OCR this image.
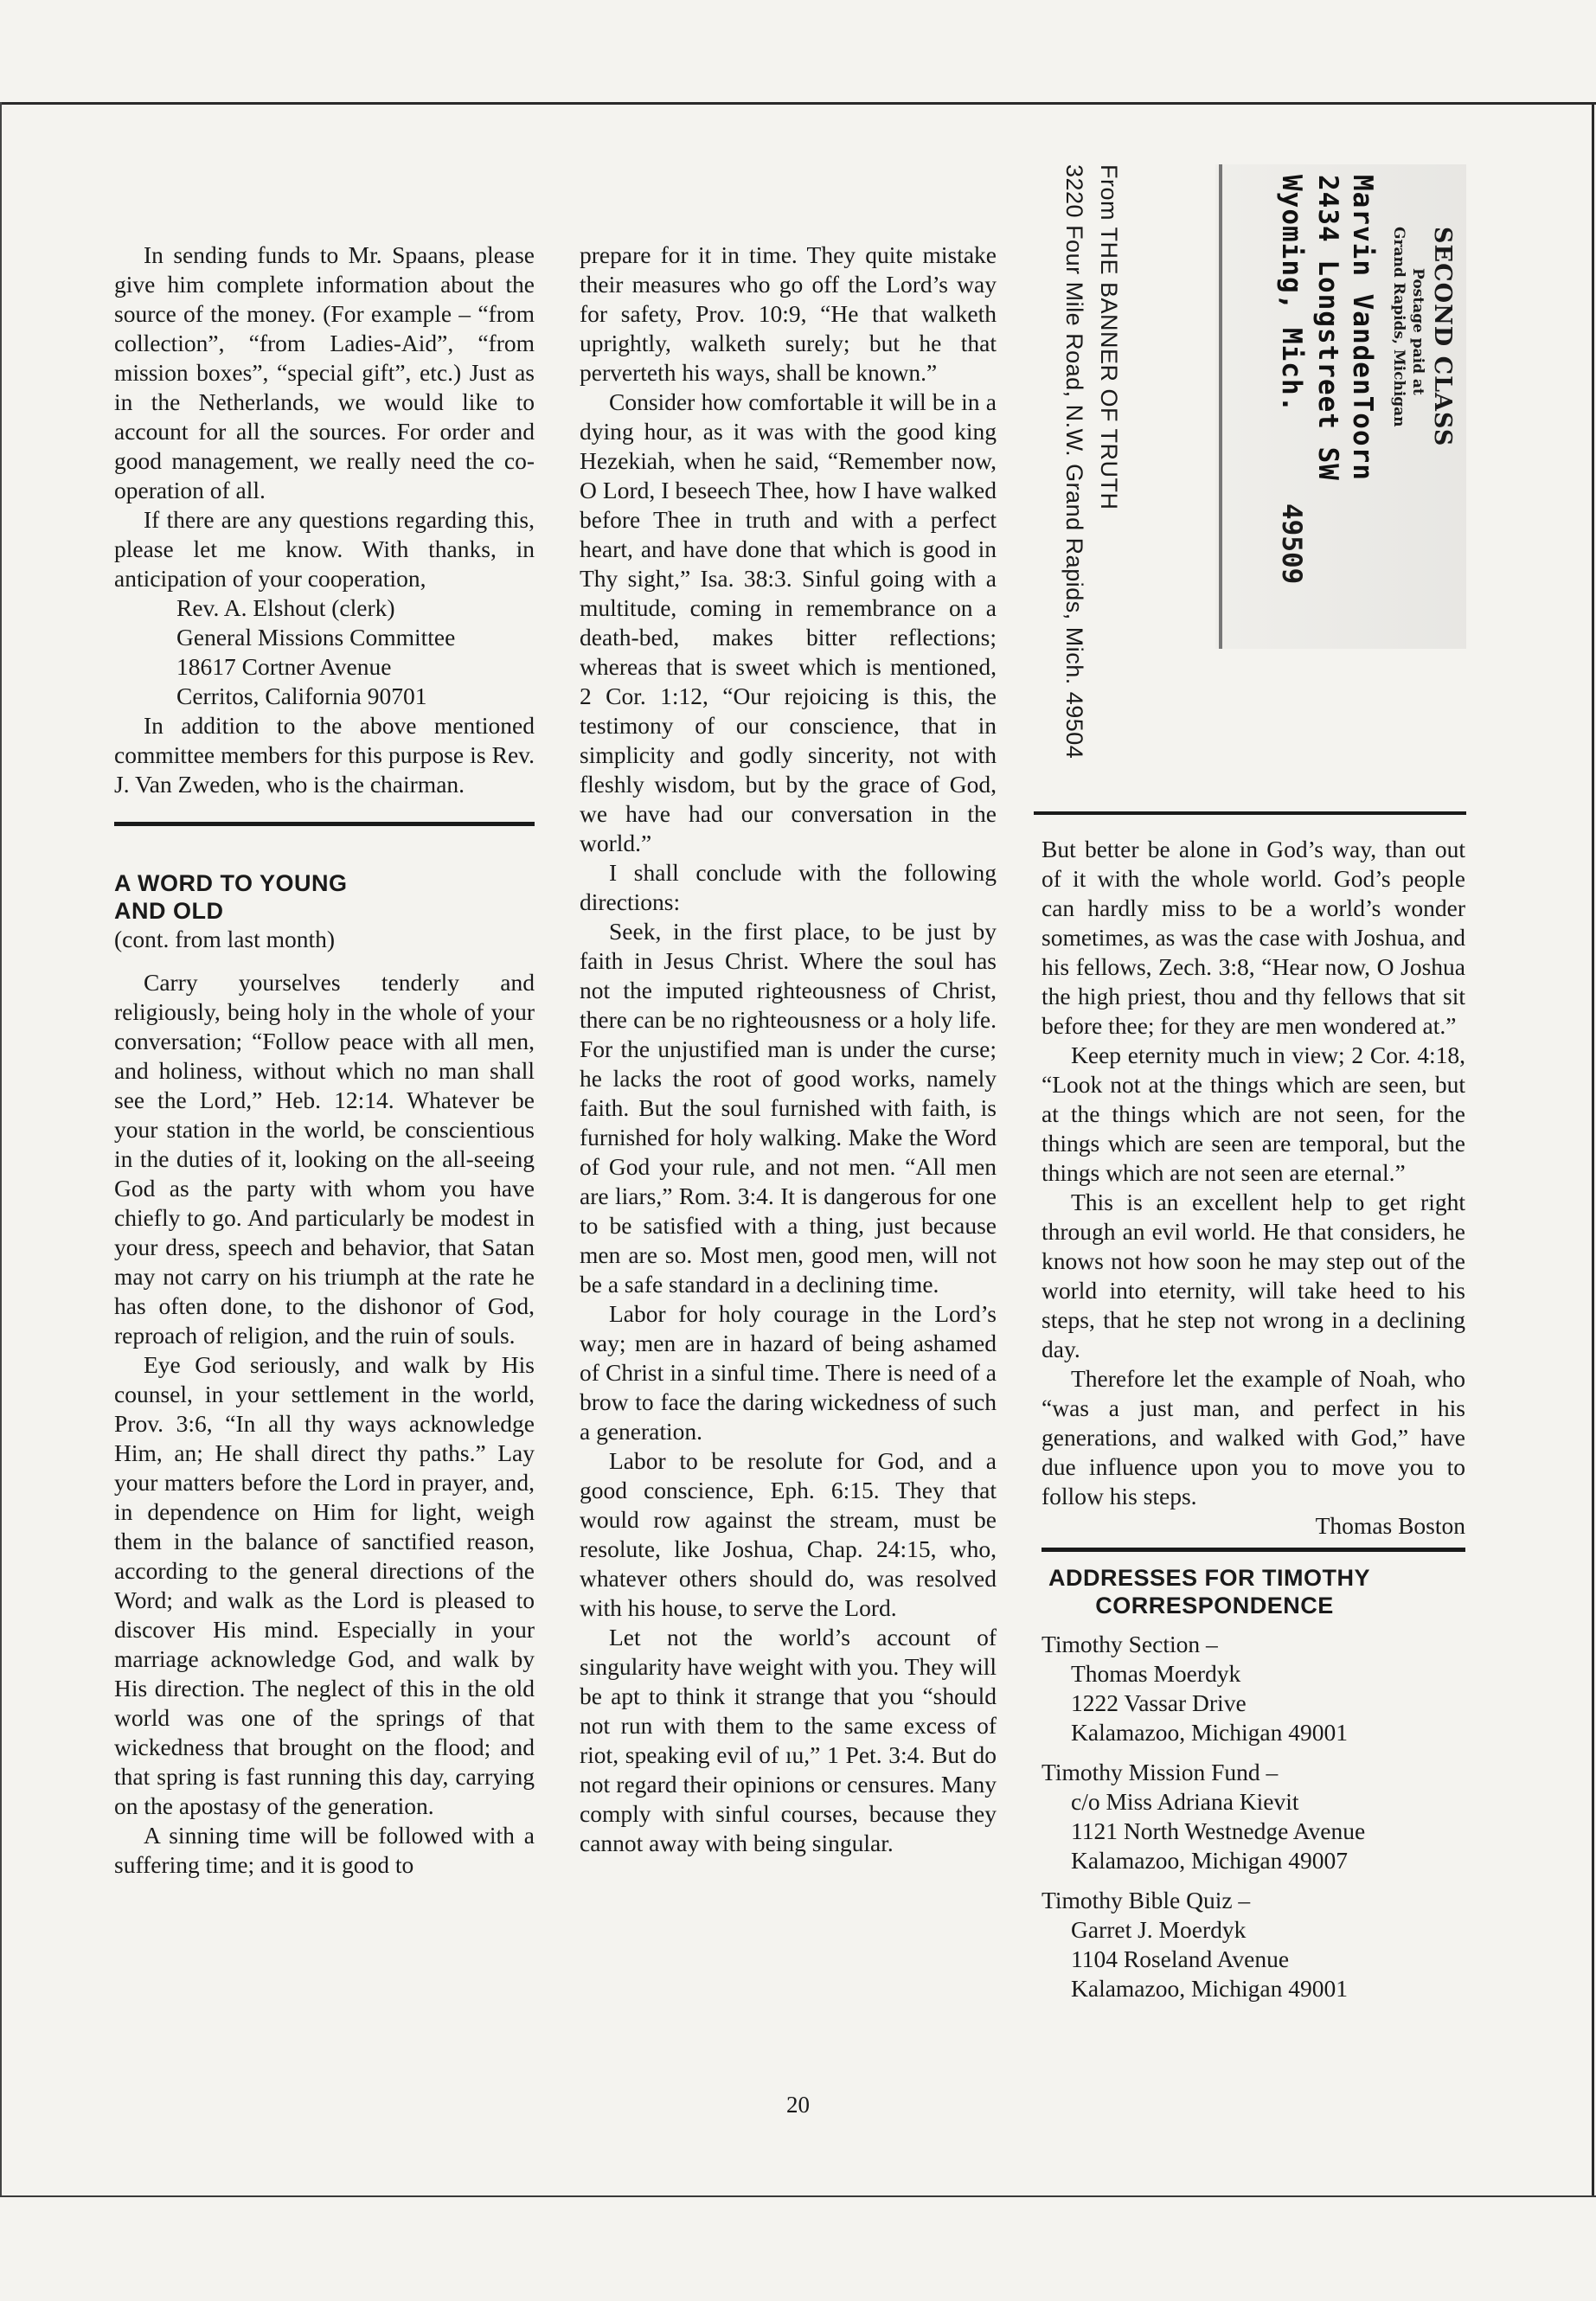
In sending funds to Mr. Spaans, please give him complete information about the source of the money. (For example – “from collection”, “from Ladies-Aid”, “from mission boxes”, “special gift”, etc.) Just as in the Netherlands, we would like to account for all the sources. For order and good management, we really need the co-operation of all.

If there are any questions regarding this, please let me know. With thanks, in anticipation of your cooperation,

Rev. A. Elshout (clerk)
General Missions Committee
18617 Cortner Avenue
Cerritos, California 90701

In addition to the above mentioned committee members for this purpose is Rev. J. Van Zweden, who is the chairman.

A WORD TO YOUNG
AND OLD
(cont. from last month)

Carry yourselves tenderly and religiously, being holy in the whole of your conversation; “Follow peace with all men, and holiness, without which no man shall see the Lord,” Heb. 12:14. Whatever be your station in the world, be conscientious in the duties of it, looking on the all-seeing God as the party with whom you have chiefly to go. And particularly be modest in your dress, speech and behavior, that Satan may not carry on his triumph at the rate he has often done, to the dishonor of God, reproach of religion, and the ruin of souls.

Eye God seriously, and walk by His counsel, in your settlement in the world, Prov. 3:6, “In all thy ways acknowledge Him, an; He shall direct thy paths.” Lay your matters before the Lord in prayer, and, in dependence on Him for light, weigh them in the balance of sanctified reason, according to the general directions of the Word; and walk as the Lord is pleased to discover His mind. Especially in your marriage acknowledge God, and walk by His direction. The neglect of this in the old world was one of the springs of that wickedness that brought on the flood; and that spring is fast running this day, carrying on the apostasy of the generation.

A sinning time will be followed with a suffering time; and it is good to

prepare for it in time. They quite mistake their measures who go off the Lord’s way for safety, Prov. 10:9, “He that walketh uprightly, walketh surely; but he that perverteth his ways, shall be known.”

Consider how comfortable it will be in a dying hour, as it was with the good king Hezekiah, when he said, “Remember now, O Lord, I beseech Thee, how I have walked before Thee in truth and with a perfect heart, and have done that which is good in Thy sight,” Isa. 38:3. Sinful going with a multitude, coming in remembrance on a death-bed, makes bitter reflections; whereas that is sweet which is mentioned, 2 Cor. 1:12, “Our rejoicing is this, the testimony of our conscience, that in simplicity and godly sincerity, not with fleshly wisdom, but by the grace of God, we have had our conversation in the world.”

I shall conclude with the following directions:

Seek, in the first place, to be just by faith in Jesus Christ. Where the soul has not the imputed righteousness of Christ, there can be no righteousness or a holy life. For the unjustified man is under the curse; he lacks the root of good works, namely faith. But the soul furnished with faith, is furnished for holy walking. Make the Word of God your rule, and not men. “All men are liars,” Rom. 3:4. It is dangerous for one to be satisfied with a thing, just because men are so. Most men, good men, will not be a safe standard in a declining time.

Labor for holy courage in the Lord’s way; men are in hazard of being ashamed of Christ in a sinful time. There is need of a brow to face the daring wickedness of such a generation.

Labor to be resolute for God, and a good conscience, Eph. 6:15. They that would row against the stream, must be resolute, like Joshua, Chap. 24:15, who, whatever others should do, was resolved with his house, to serve the Lord.

Let not the world’s account of singularity have weight with you. They will be apt to think it strange that you “should not run with them to the same excess of riot, speaking evil of ıu,” 1 Pet. 3:4. But do not regard their opinions or censures. Many comply with sinful courses, because they cannot away with being singular.

SECOND CLASS
Postage paid at
Grand Rapids, Michigan
Marvin VandenToorn
2434 Longstreet SW
Wyoming, Mich.
49509
From THE BANNER OF TRUTH
3220 Four Mile Road, N.W. Grand Rapids, Mich. 49504

But better be alone in God’s way, than out of it with the whole world. God’s people can hardly miss to be a world’s wonder sometimes, as was the case with Joshua, and his fellows, Zech. 3:8, “Hear now, O Joshua the high priest, thou and thy fellows that sit before thee; for they are men wondered at.”

Keep eternity much in view; 2 Cor. 4:18, “Look not at the things which are seen, but at the things which are not seen, for the things which are seen are temporal, but the things which are not seen are eternal.”

This is an excellent help to get right through an evil world. He that considers, he knows not how soon he may step out of the world into eternity, will take heed to his steps, that he step not wrong in a declining day.

Therefore let the example of Noah, who “was a just man, and perfect in his generations, and walked with God,” have due influence upon you to move you to follow his steps.

Thomas Boston
ADDRESSES FOR TIMOTHY
CORRESPONDENCE
Timothy Section –
Thomas Moerdyk
1222 Vassar Drive
Kalamazoo, Michigan 49001
Timothy Mission Fund –
c/o Miss Adriana Kievit
1121 North Westnedge Avenue
Kalamazoo, Michigan 49007
Timothy Bible Quiz –
Garret J. Moerdyk
1104 Roseland Avenue
Kalamazoo, Michigan 49001
20
